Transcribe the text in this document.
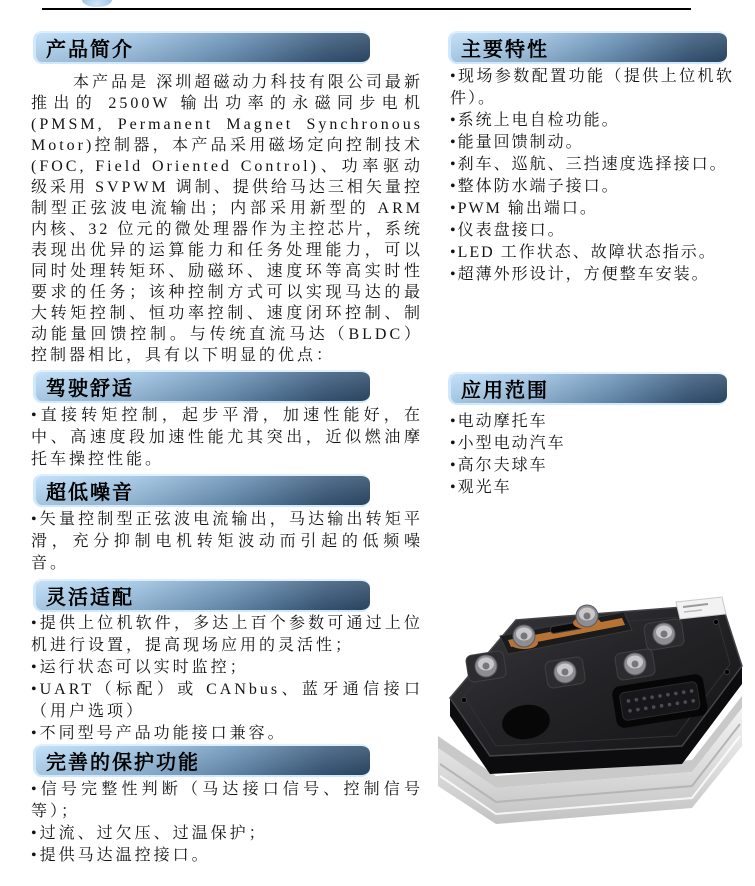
产品简介
本产品是 深圳超磁动力科技有限公司最新推出的 2500W 输出功率的永磁同步电机(PMSM, Permanent Magnet Synchronous Motor)控制器，本产品采用磁场定向控制技术(FOC, Field Oriented Control)、功率驱动级采用 SVPWM 调制、提供给马达三相矢量控制型正弦波电流输出；内部采用新型的 ARM 内核、32 位元的微处理器作为主控芯片，系统表现出优异的运算能力和任务处理能力，可以同时处理转矩环、励磁环、速度环等高实时性要求的任务；该种控制方式可以实现马达的最大转矩控制、恒功率控制、速度闭环控制、制动能量回馈控制。与传统直流马达（BLDC）控制器相比，具有以下明显的优点：
驾驶舒适
• 直接转矩控制，起步平滑，加速性能好，在中、高速度段加速性能尤其突出，近似燃油摩托车操控性能。
超低噪音
• 矢量控制型正弦波电流输出，马达输出转矩平滑，充分抑制电机转矩波动而引起的低频噪音。
灵活适配
• 提供上位机软件，多达上百个参数可通过上位机进行设置，提高现场应用的灵活性；
• 运行状态可以实时监控；
• UART（标配）或 CANbus、蓝牙通信接口（用户选项）
• 不同型号产品功能接口兼容。
完善的保护功能
• 信号完整性判断（马达接口信号、控制信号等）；
• 过流、过欠压、过温保护；
• 提供马达温控接口。
主要特性
• 现场参数配置功能（提供上位机软件）。
• 系统上电自检功能。
• 能量回馈制动。
• 刹车、巡航、三挡速度选择接口。
• 整体防水端子接口。
• PWM 输出端口。
• 仪表盘接口。
• LED 工作状态、故障状态指示。
• 超薄外形设计，方便整车安装。
应用范围
• 电动摩托车
• 小型电动汽车
• 高尔夫球车
• 观光车
